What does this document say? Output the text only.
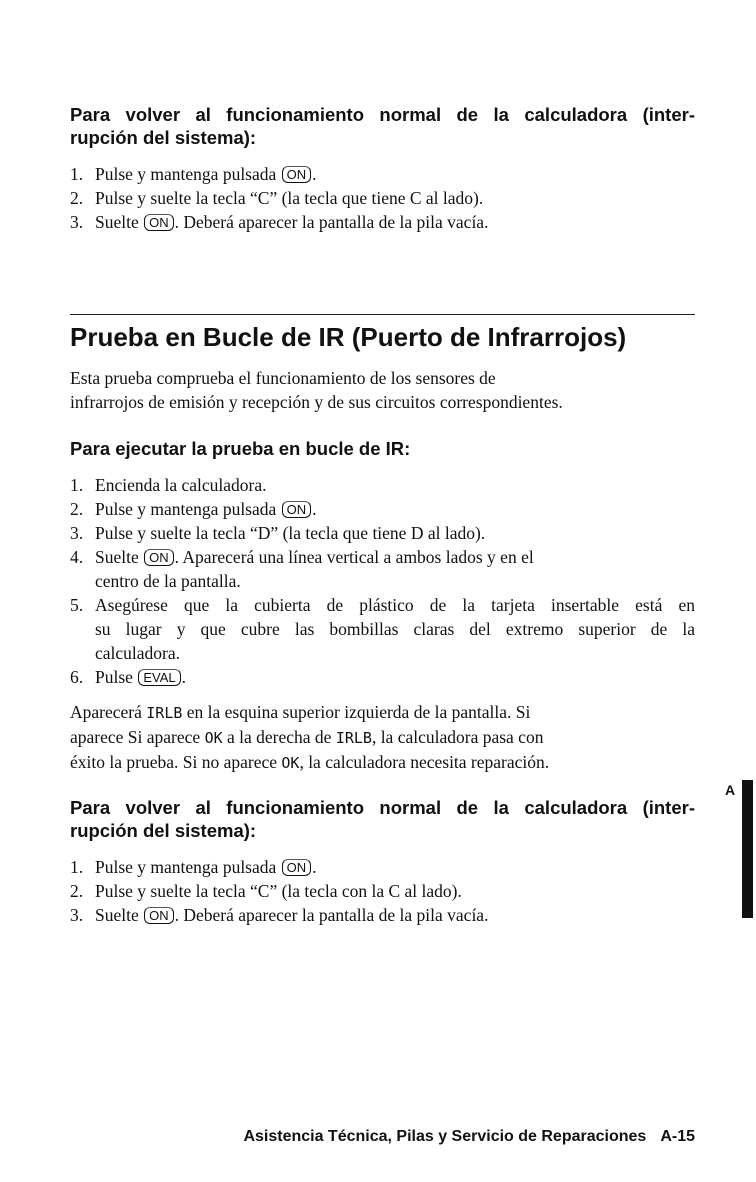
Para volver al funcionamiento normal de la calculadora (inter-
rupción del sistema):
1. Pulse y mantenga pulsada ON .
2. Pulse y suelte la tecla “C” (la tecla que tiene C al lado).
3. Suelte ON . Deberá aparecer la pantalla de la pila vacía.
Prueba en Bucle de IR (Puerto de Infrarrojos)
Esta prueba comprueba el funcionamiento de los sensores de
infrarrojos de emisión y recepción y de sus circuitos correspondientes.
Para ejecutar la prueba en bucle de IR:
1. Encienda la calculadora.
2. Pulse y mantenga pulsada ON .
3. Pulse y suelte la tecla “D” (la tecla que tiene D al lado).
4. Suelte ON . Aparecerá una línea vertical a ambos lados y en el
centro de la pantalla.
5. Asegúrese que la cubierta de plástico de la tarjeta insertable está en
su lugar y que cubre las bombillas claras del extremo superior de la
calculadora.
6. Pulse EVAL .
Aparecerá IRLB en la esquina superior izquierda de la pantalla. Si
aparece Si aparece OK a la derecha de IRLB, la calculadora pasa con
éxito la prueba. Si no aparece OK, la calculadora necesita reparación.
Para volver al funcionamiento normal de la calculadora (inter-
rupción del sistema):
1. Pulse y mantenga pulsada ON .
2. Pulse y suelte la tecla “C” (la tecla con la C al lado).
3. Suelte ON . Deberá aparecer la pantalla de la pila vacía.
A
Asistencia Técnica, Pilas y Servicio de Reparaciones A-15
